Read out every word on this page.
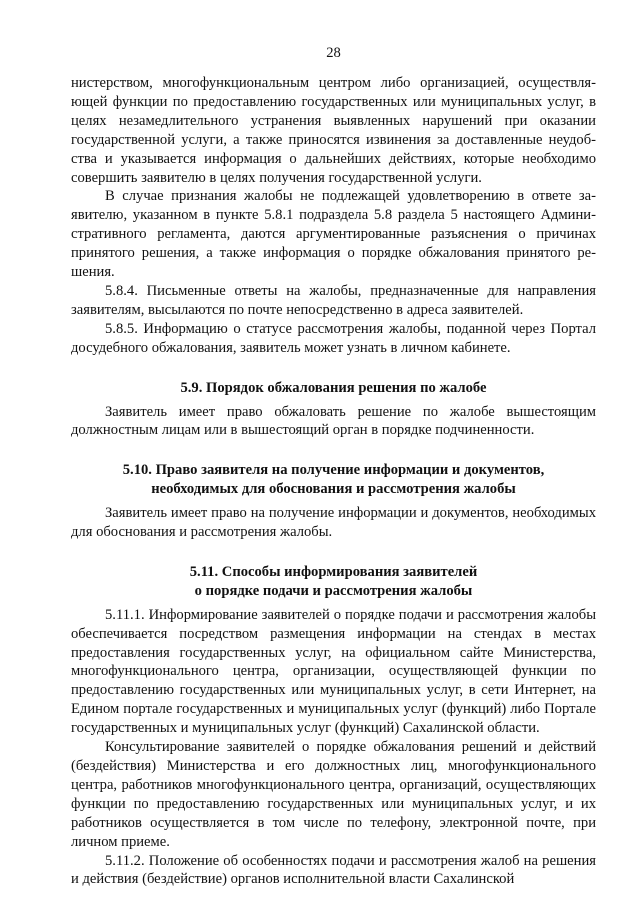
28

нистерством, многофункциональным центром либо организацией, осуществляющей функции по предоставлению государственных или муниципальных услуг, в целях незамедлительного устранения выявленных нарушений при оказании государственной услуги, а также приносятся извинения за доставленные неудобства и указывается информация о дальнейших действиях, которые необходимо совершить заявителю в целях получения государственной услуги.

В случае признания жалобы не подлежащей удовлетворению в ответе заявителю, указанном в пункте 5.8.1 подраздела 5.8 раздела 5 настоящего Административного регламента, даются аргументированные разъяснения о причинах принятого решения, а также информация о порядке обжалования принятого решения.

5.8.4. Письменные ответы на жалобы, предназначенные для направления заявителям, высылаются по почте непосредственно в адреса заявителей.

5.8.5. Информацию о статусе рассмотрения жалобы, поданной через Портал досудебного обжалования, заявитель может узнать в личном кабинете.

5.9. Порядок обжалования решения по жалобе

Заявитель имеет право обжаловать решение по жалобе вышестоящим должностным лицам или в вышестоящий орган в порядке подчиненности.

5.10. Право заявителя на получение информации и документов,
необходимых для обоснования и рассмотрения жалобы

Заявитель имеет право на получение информации и документов, необходимых для обоснования и рассмотрения жалобы.

5.11. Способы информирования заявителей
о порядке подачи и рассмотрения жалобы

5.11.1. Информирование заявителей о порядке подачи и рассмотрения жалобы обеспечивается посредством размещения информации на стендах в местах предоставления государственных услуг, на официальном сайте Министерства, многофункционального центра, организации, осуществляющей функции по предоставлению государственных или муниципальных услуг, в сети Интернет, на Едином портале государственных и муниципальных услуг (функций) либо Портале государственных и муниципальных услуг (функций) Сахалинской области.

Консультирование заявителей о порядке обжалования решений и действий (бездействия) Министерства и его должностных лиц, многофункционального центра, работников многофункционального центра, организаций, осуществляющих функции по предоставлению государственных или муниципальных услуг, и их работников осуществляется в том числе по телефону, электронной почте, при личном приеме.

5.11.2. Положение об особенностях подачи и рассмотрения жалоб на решения и действия (бездействие) органов исполнительной власти Сахалинской
